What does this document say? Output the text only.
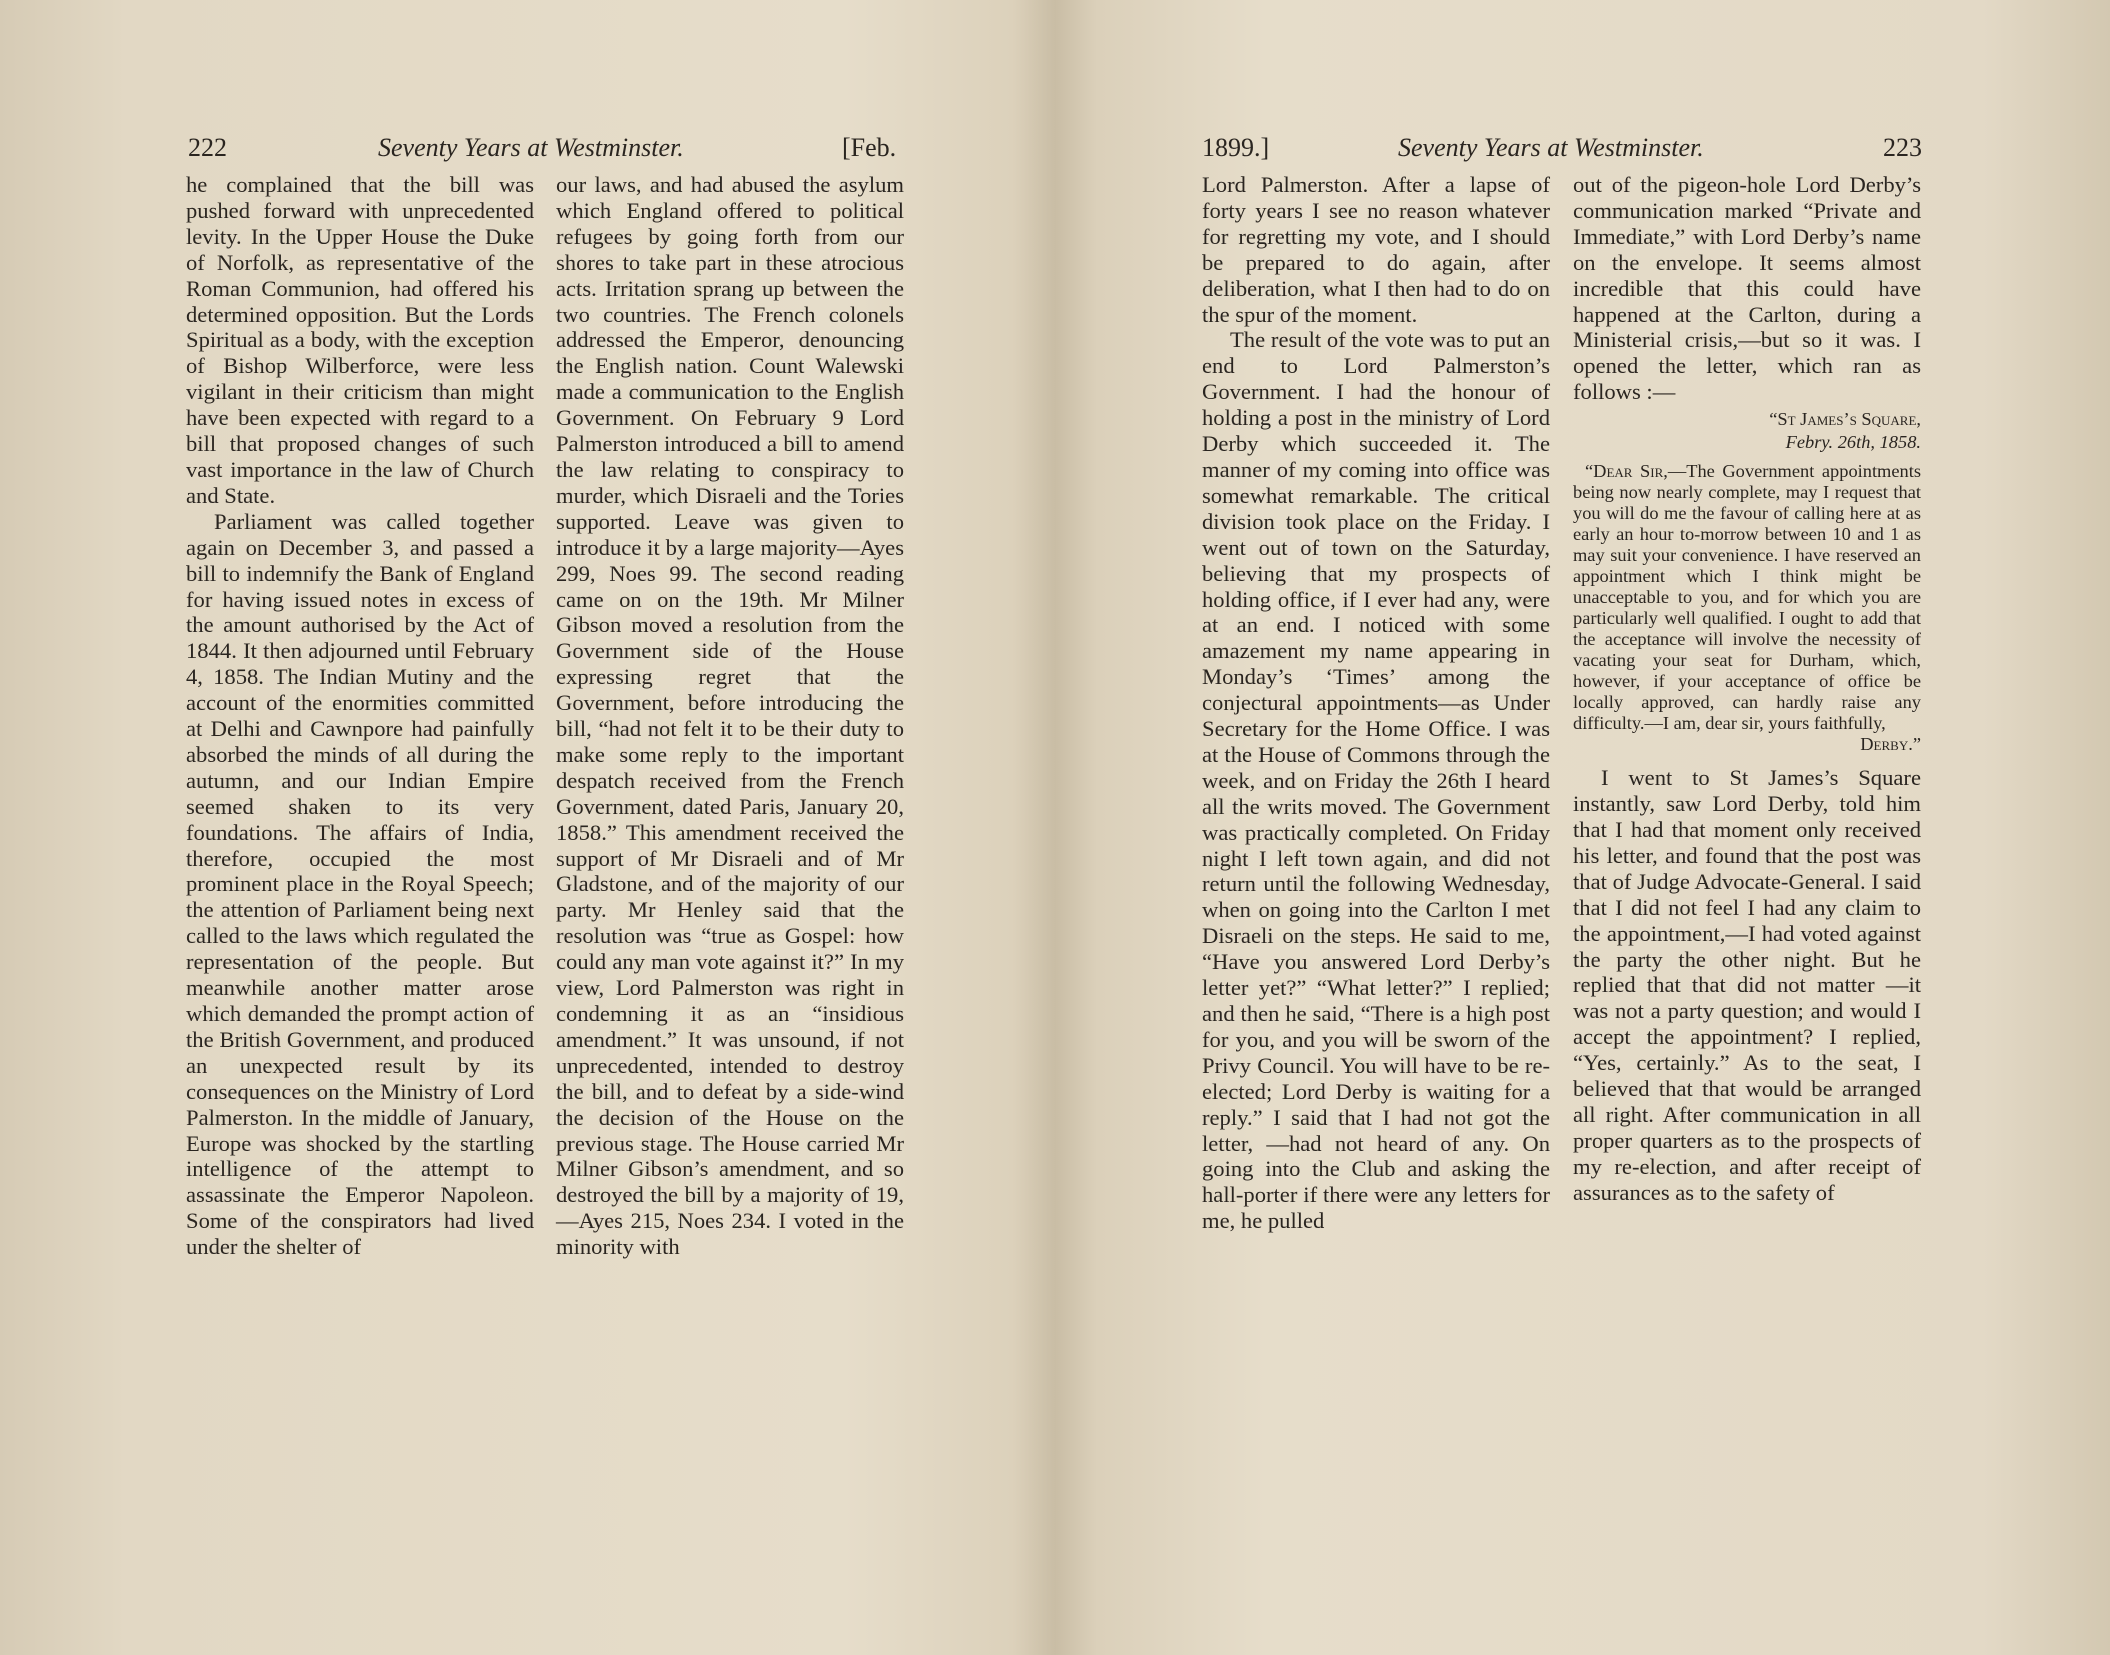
222	Seventy Years at Westminster.	[Feb.

he complained that the bill was pushed forward with unprecedented levity. In the Upper House the Duke of Norfolk, as representative of the Roman Communion, had offered his determined opposition. But the Lords Spiritual as a body, with the exception of Bishop Wilberforce, were less vigilant in their criticism than might have been expected with regard to a bill that proposed changes of such vast importance in the law of Church and State.

Parliament was called together again on December 3, and passed a bill to indemnify the Bank of England for having issued notes in excess of the amount authorised by the Act of 1844. It then adjourned until February 4, 1858. The Indian Mutiny and the account of the enormities committed at Delhi and Cawnpore had painfully absorbed the minds of all during the autumn, and our Indian Empire seemed shaken to its very foundations. The affairs of India, therefore, occupied the most prominent place in the Royal Speech; the attention of Parliament being next called to the laws which regulated the representation of the people. But meanwhile another matter arose which demanded the prompt action of the British Government, and produced an unexpected result by its consequences on the Ministry of Lord Palmerston. In the middle of January, Europe was shocked by the startling intelligence of the attempt to assassinate the Emperor Napoleon. Some of the conspirators had lived under the shelter of

our laws, and had abused the asylum which England offered to political refugees by going forth from our shores to take part in these atrocious acts. Irritation sprang up between the two countries. The French colonels addressed the Emperor, denouncing the English nation. Count Walewski made a communication to the English Government. On February 9 Lord Palmerston introduced a bill to amend the law relating to conspiracy to murder, which Disraeli and the Tories supported. Leave was given to introduce it by a large majority—Ayes 299, Noes 99. The second reading came on on the 19th. Mr Milner Gibson moved a resolution from the Government side of the House expressing regret that the Government, before introducing the bill, “had not felt it to be their duty to make some reply to the important despatch received from the French Government, dated Paris, January 20, 1858.” This amendment received the support of Mr Disraeli and of Mr Gladstone, and of the majority of our party. Mr Henley said that the resolution was “true as Gospel: how could any man vote against it?” In my view, Lord Palmerston was right in condemning it as an “insidious amendment.” It was unsound, if not unprecedented, intended to destroy the bill, and to defeat by a side-wind the decision of the House on the previous stage. The House carried Mr Milner Gibson’s amendment, and so destroyed the bill by a majority of 19,—Ayes 215, Noes 234. I voted in the minority with

1899.]	Seventy Years at Westminster.	223

Lord Palmerston. After a lapse of forty years I see no reason whatever for regretting my vote, and I should be prepared to do again, after deliberation, what I then had to do on the spur of the moment.

The result of the vote was to put an end to Lord Palmerston’s Government. I had the honour of holding a post in the ministry of Lord Derby which succeeded it. The manner of my coming into office was somewhat remarkable. The critical division took place on the Friday. I went out of town on the Saturday, believing that my prospects of holding office, if I ever had any, were at an end. I noticed with some amazement my name appearing in Monday’s ‘Times’ among the conjectural appointments—as Under Secretary for the Home Office. I was at the House of Commons through the week, and on Friday the 26th I heard all the writs moved. The Government was practically completed. On Friday night I left town again, and did not return until the following Wednesday, when on going into the Carlton I met Disraeli on the steps. He said to me, “Have you answered Lord Derby’s letter yet?” “What letter?” I replied; and then he said, “There is a high post for you, and you will be sworn of the Privy Council. You will have to be re-elected; Lord Derby is waiting for a reply.” I said that I had not got the letter, —had not heard of any. On going into the Club and asking the hall-porter if there were any letters for me, he pulled

out of the pigeon-hole Lord Derby’s communication marked “Private and Immediate,” with Lord Derby’s name on the envelope. It seems almost incredible that this could have happened at the Carlton, during a Ministerial crisis,—but so it was. I opened the letter, which ran as follows :—

“St James’s Square,
Febry. 26th, 1858.

“Dear Sir,—The Government appointments being now nearly complete, may I request that you will do me the favour of calling here at as early an hour to-morrow between 10 and 1 as may suit your convenience. I have reserved an appointment which I think might be unacceptable to you, and for which you are particularly well qualified. I ought to add that the acceptance will involve the necessity of vacating your seat for Durham, which, however, if your acceptance of office be locally approved, can hardly raise any difficulty.—I am, dear sir, yours faithfully,
Derby.”

I went to St James’s Square instantly, saw Lord Derby, told him that I had that moment only received his letter, and found that the post was that of Judge Advocate-General. I said that I did not feel I had any claim to the appointment,—I had voted against the party the other night. But he replied that that did not matter —it was not a party question; and would I accept the appointment? I replied, “Yes, certainly.” As to the seat, I believed that that would be arranged all right. After communication in all proper quarters as to the prospects of my re-election, and after receipt of assurances as to the safety of
